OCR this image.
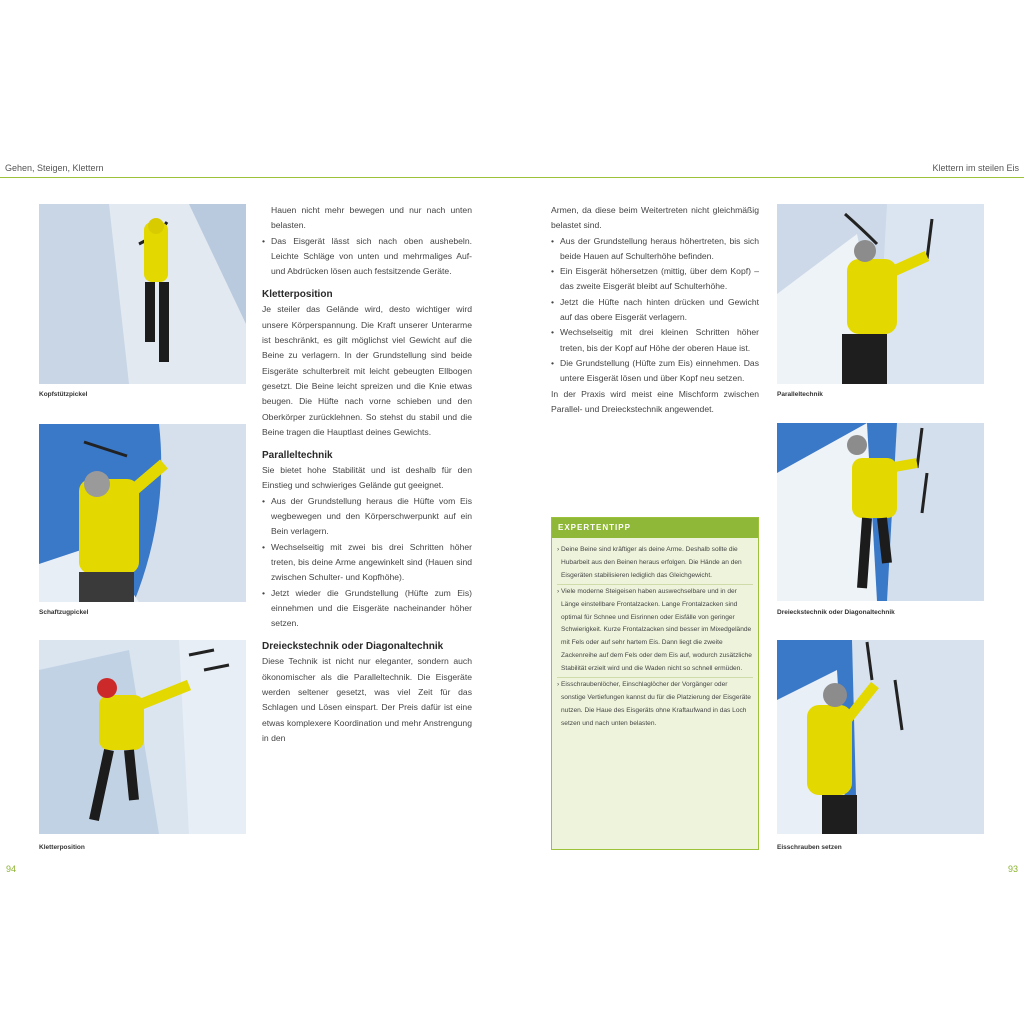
Gehen, Steigen, Klettern	Klettern im steilen Eis
Kopfstützpickel
Schaftzugpickel
Kletterposition

Hauen nicht mehr bewegen und nur nach unten belasten.

• Das Eisgerät lässt sich nach oben aushebeln. Leichte Schläge von unten und mehrmaliges Auf- und Abdrücken lösen auch festsitzende Geräte.
Kletterposition

Je steiler das Gelände wird, desto wichtiger wird unsere Körperspannung. Die Kraft unserer Unterarme ist beschränkt, es gilt möglichst viel Gewicht auf die Beine zu verlagern. In der Grundstellung sind beide Eisgeräte schulterbreit mit leicht gebeugten Ellbogen gesetzt. Die Beine leicht spreizen und die Knie etwas beugen. Die Hüfte nach vorne schieben und den Oberkörper zurücklehnen. So stehst du stabil und die Beine tragen die Hauptlast deines Gewichts.

Paralleltechnik

Sie bietet hohe Stabilität und ist deshalb für den Einstieg und schwieriges Gelände gut geeignet.

• Aus der Grundstellung heraus die Hüfte vom Eis wegbewegen und den Körperschwerpunkt auf ein Bein verlagern.
• Wechselseitig mit zwei bis drei Schritten höher treten, bis deine Arme angewinkelt sind (Hauen sind zwischen Schulter- und Kopfhöhe).
• Jetzt wieder die Grundstellung (Hüfte zum Eis) einnehmen und die Eisgeräte nacheinander höher setzen.
Dreieckstechnik oder Diagonaltechnik

Diese Technik ist nicht nur eleganter, sondern auch ökonomischer als die Paralleltechnik. Die Eisgeräte werden seltener gesetzt, was viel Zeit für das Schlagen und Lösen einspart. Der Preis dafür ist eine etwas komplexere Koordination und mehr Anstrengung in den

Armen, da diese beim Weitertreten nicht gleichmäßig belastet sind.

• Aus der Grundstellung heraus höhertreten, bis sich beide Hauen auf Schulterhöhe befinden.
• Ein Eisgerät höhersetzen (mittig, über dem Kopf) – das zweite Eisgerät bleibt auf Schulterhöhe.
• Jetzt die Hüfte nach hinten drücken und Gewicht auf das obere Eisgerät verlagern.
• Wechselseitig mit drei kleinen Schritten höher treten, bis der Kopf auf Höhe der oberen Haue ist.
• Die Grundstellung (Hüfte zum Eis) einnehmen. Das untere Eisgerät lösen und über Kopf neu setzen.

In der Praxis wird meist eine Mischform zwischen Parallel- und Dreieckstechnik angewendet.

EXPERTENTIPP

› Deine Beine sind kräftiger als deine Arme. Deshalb sollte die Hubarbeit aus den Beinen heraus erfolgen. Die Hände an den Eisgeräten stabilisieren lediglich das Gleichgewicht.

› Viele moderne Steigeisen haben auswechselbare und in der Länge einstellbare Frontalzacken. Lange Frontalzacken sind optimal für Schnee und Eisrinnen oder Eisfälle von geringer Schwierigkeit. Kurze Frontalzacken sind besser im Mixedgelände mit Fels oder auf sehr hartem Eis. Dann liegt die zweite Zackenreihe auf dem Fels oder dem Eis auf, wodurch zusätzliche Stabilität erzielt wird und die Waden nicht so schnell ermüden.

› Eisschraubenlöcher, Einschlaglöcher der Vorgänger oder sonstige Vertiefungen kannst du für die Platzierung der Eisgeräte nutzen. Die Haue des Eisgeräts ohne Kraftaufwand in das Loch setzen und nach unten belasten.

Paralleltechnik
Dreieckstechnik oder Diagonaltechnik
Eisschrauben setzen
94	93
